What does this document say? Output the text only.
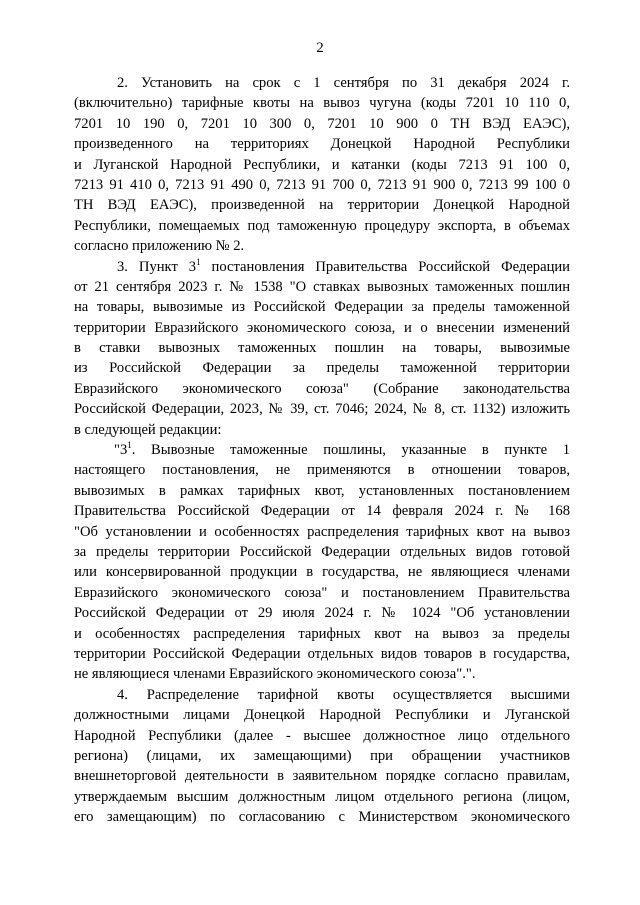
2
2. Установить на срок с 1 сентября по 31 декабря 2024 г.
(включительно) тарифные квоты на вывоз чугуна (коды 7201 10 110 0,
7201 10 190 0, 7201 10 300 0, 7201 10 900 0 ТН ВЭД ЕАЭС),
произведенного на территориях Донецкой Народной Республики
и Луганской Народной Республики, и катанки (коды 7213 91 100 0,
7213 91 410 0, 7213 91 490 0, 7213 91 700 0, 7213 91 900 0, 7213 99 100 0
ТН ВЭД ЕАЭС), произведенной на территории Донецкой Народной
Республики, помещаемых под таможенную процедуру экспорта, в объемах
согласно приложению № 2.
3. Пункт $3^1$ постановления Правительства Российской Федерации
от 21 сентября 2023 г. № 1538 "О ставках вывозных таможенных пошлин
на товары, вывозимые из Российской Федерации за пределы таможенной
территории Евразийского экономического союза, и о внесении изменений
в ставки вывозных таможенных пошлин на товары, вывозимые
из Российской Федерации за пределы таможенной территории
Евразийского экономического союза" (Собрание законодательства
Российской Федерации, 2023, № 39, ст. 7046; 2024, № 8, ст. 1132) изложить
в следующей редакции:
"$3^1$. Вывозные таможенные пошлины, указанные в пункте 1
настоящего постановления, не применяются в отношении товаров,
вывозимых в рамках тарифных квот, установленных постановлением
Правительства Российской Федерации от 14 февраля 2024 г. № 168
"Об установлении и особенностях распределения тарифных квот на вывоз
за пределы территории Российской Федерации отдельных видов готовой
или консервированной продукции в государства, не являющиеся членами
Евразийского экономического союза" и постановлением Правительства
Российской Федерации от 29 июля 2024 г. № 1024 "Об установлении
и особенностях распределения тарифных квот на вывоз за пределы
территории Российской Федерации отдельных видов товаров в государства,
не являющиеся членами Евразийского экономического союза".".
4. Распределение тарифной квоты осуществляется высшими
должностными лицами Донецкой Народной Республики и Луганской
Народной Республики (далее - высшее должностное лицо отдельного
региона) (лицами, их замещающими) при обращении участников
внешнеторговой деятельности в заявительном порядке согласно правилам,
утверждаемым высшим должностным лицом отдельного региона (лицом,
его замещающим) по согласованию с Министерством экономического
